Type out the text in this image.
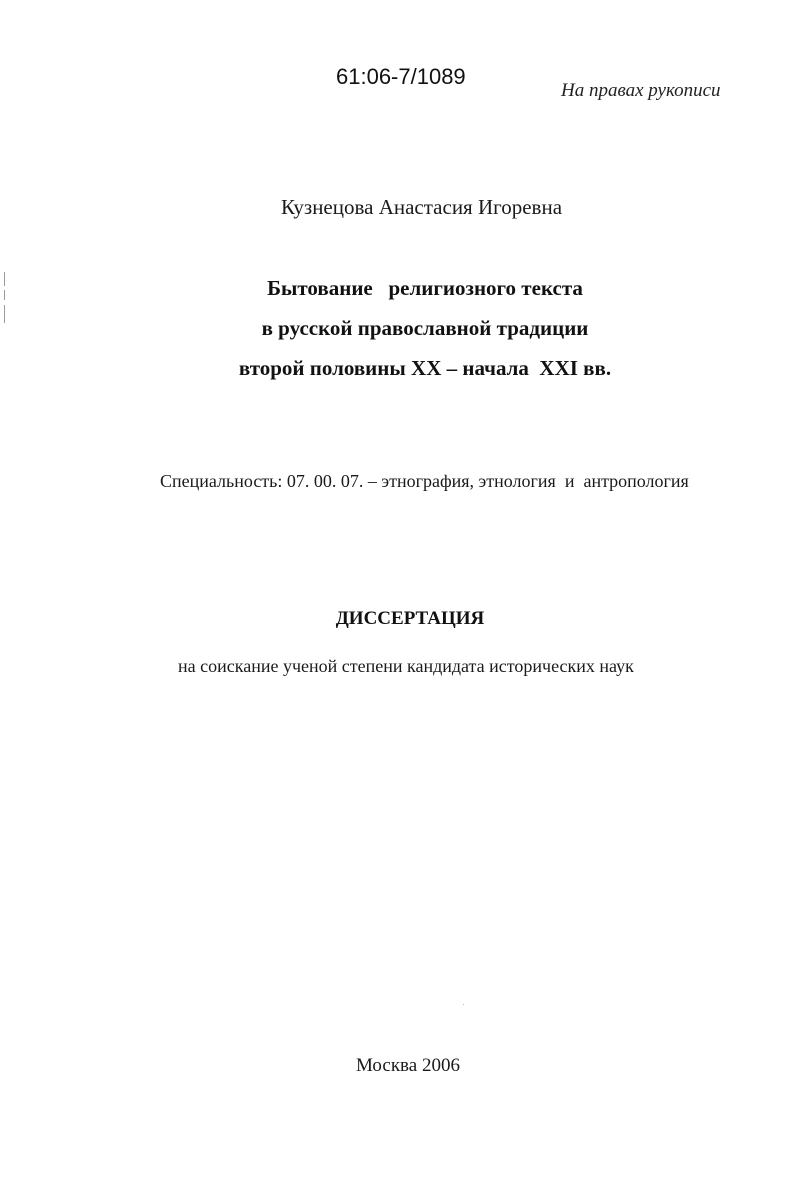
61:06-7/1089
На правах рукописи
Кузнецова Анастасия Игоревна
Бытование   религиозного текста
в русской православной традиции
второй половины XX – начала  XXI вв.
Специальность: 07. 00. 07. – этнография, этнология  и  антропология
ДИССЕРТАЦИЯ
на соискание ученой степени кандидата исторических наук
Москва 2006
